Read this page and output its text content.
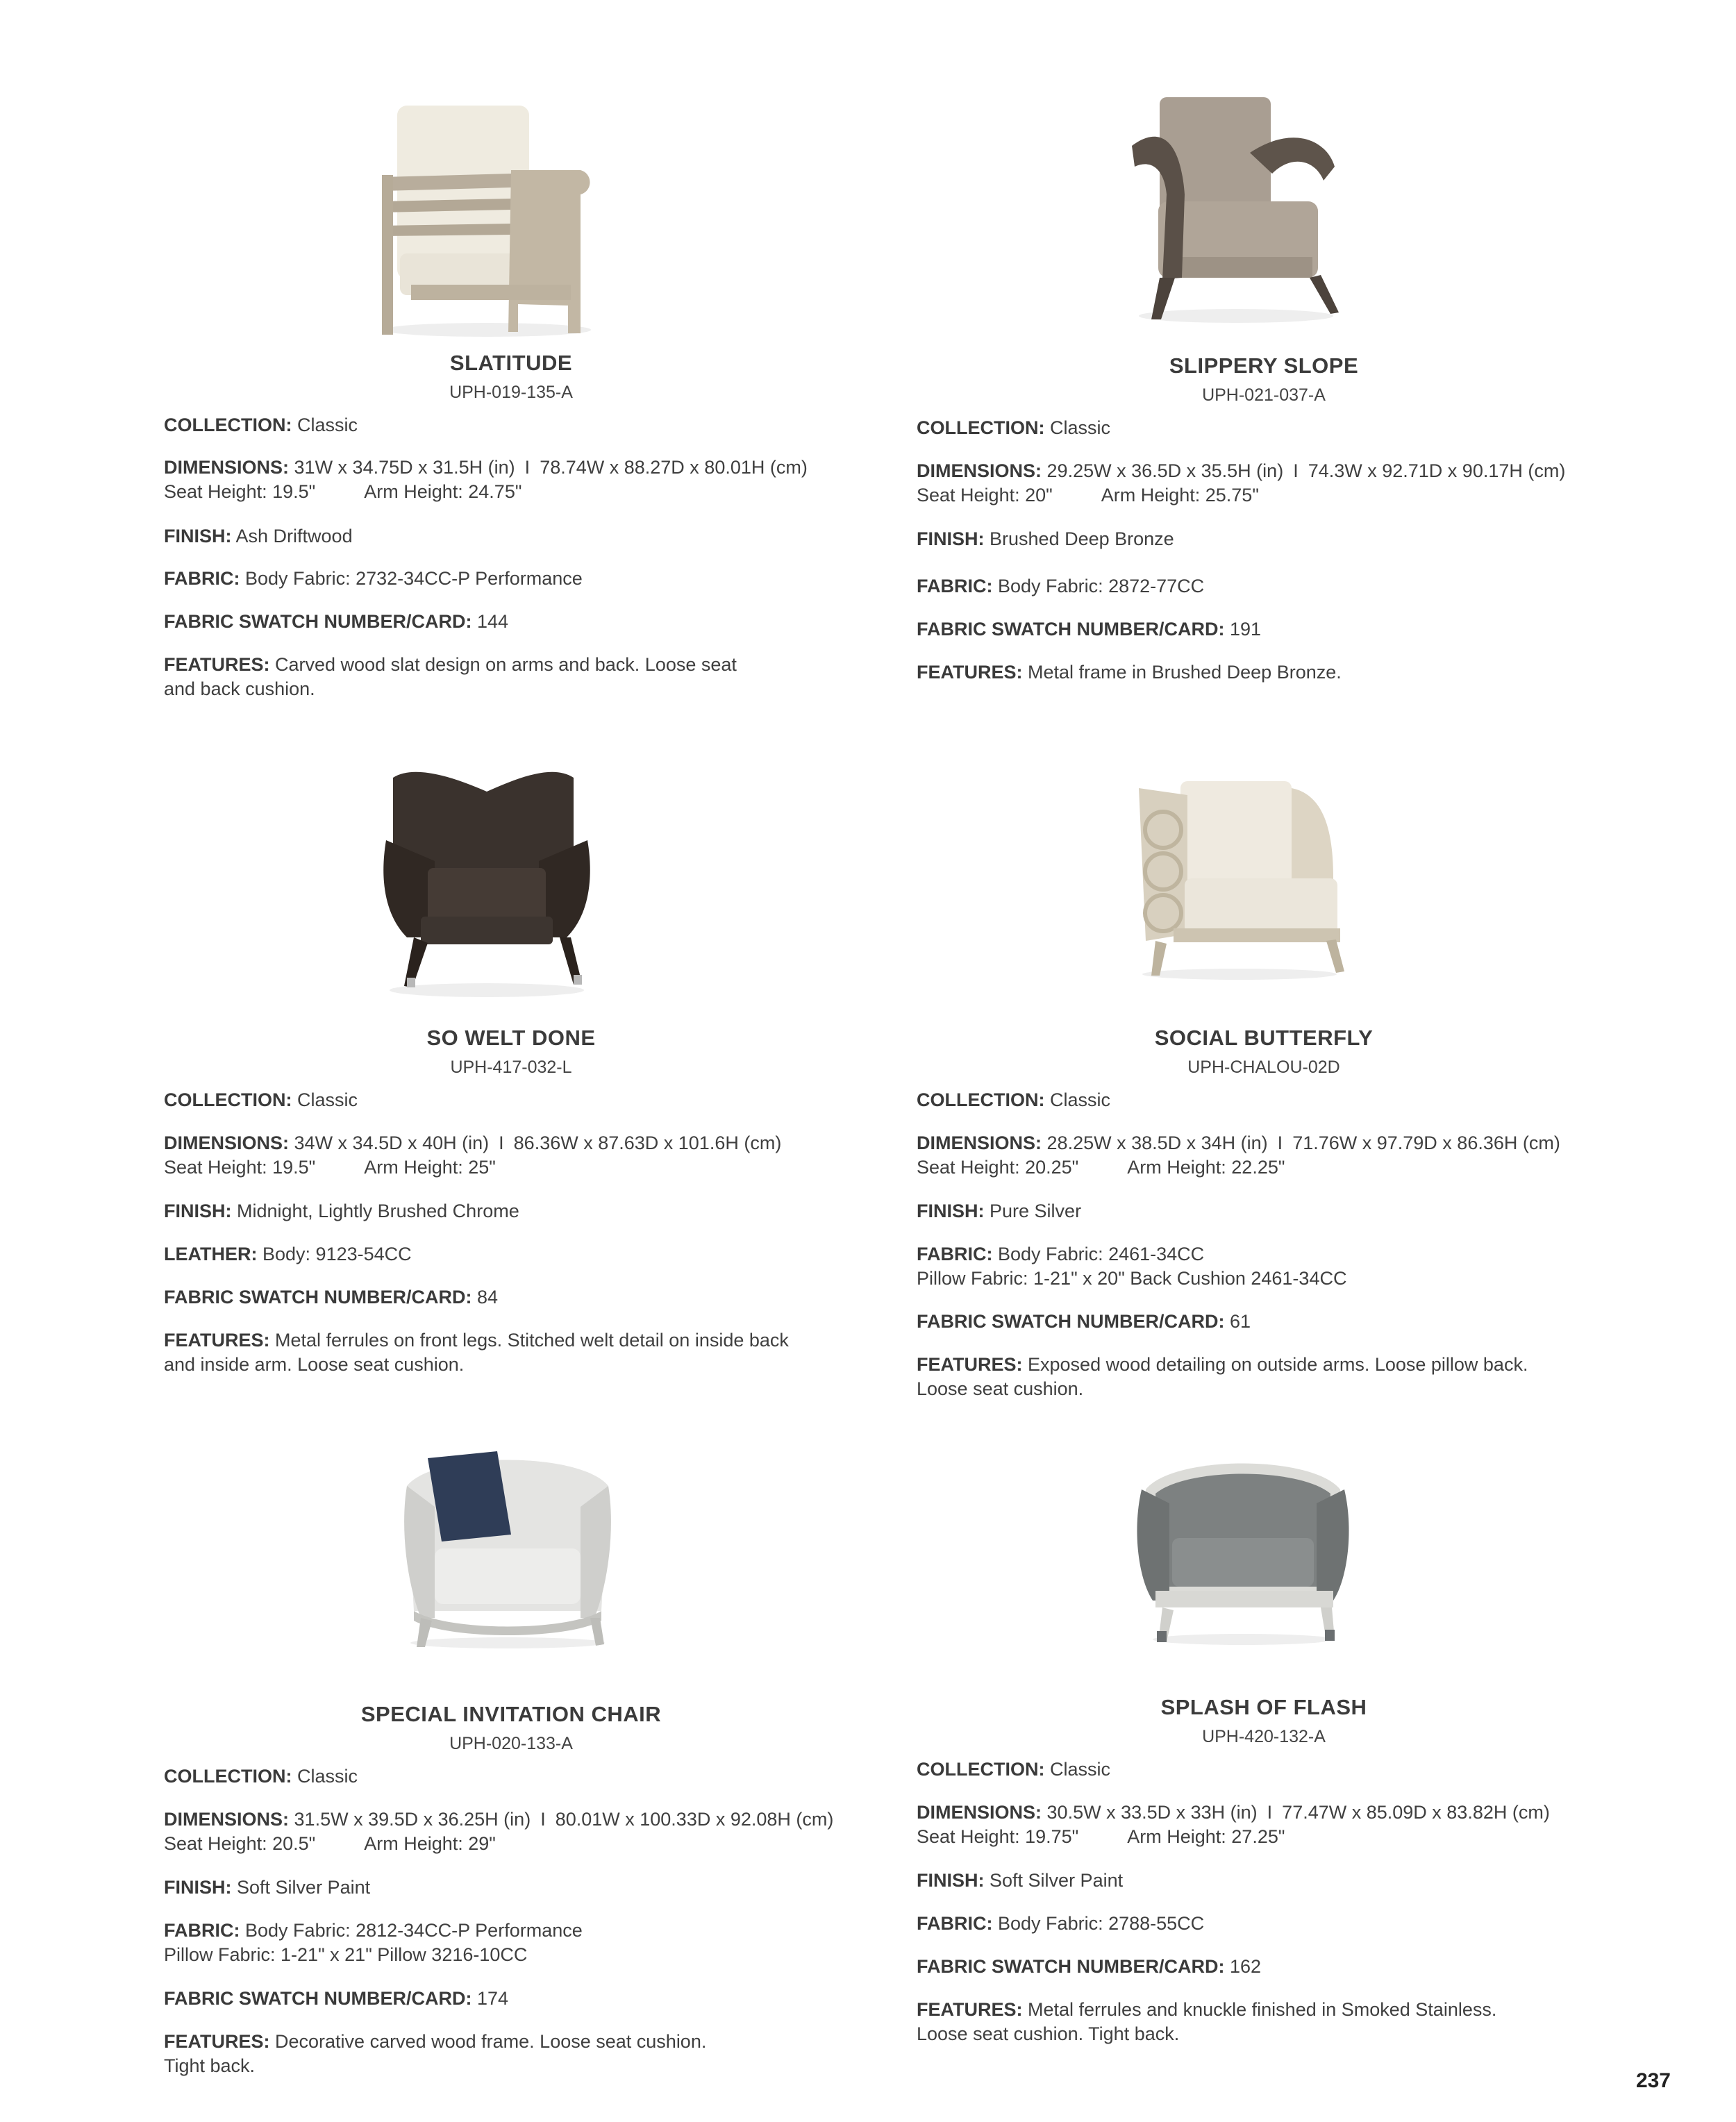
SLATITUDE
UPH-019-135-A
COLLECTION: Classic
DIMENSIONS: 31W x 34.75D x 31.5H (in) I 78.74W x 88.27D x 80.01H (cm)
Seat Height: 19.5"	Arm Height: 24.75"
FINISH: Ash Driftwood
FABRIC: Body Fabric: 2732-34CC-P Performance
FABRIC SWATCH NUMBER/CARD: 144
FEATURES: Carved wood slat design on arms and back. Loose seat
and back cushion.
SLIPPERY SLOPE
UPH-021-037-A
COLLECTION: Classic
DIMENSIONS: 29.25W x 36.5D x 35.5H (in) I 74.3W x 92.71D x 90.17H (cm)
Seat Height: 20"	Arm Height: 25.75"
FINISH: Brushed Deep Bronze
FABRIC: Body Fabric: 2872-77CC
FABRIC SWATCH NUMBER/CARD: 191
FEATURES: Metal frame in Brushed Deep Bronze.
SO WELT DONE
UPH-417-032-L
COLLECTION: Classic
DIMENSIONS: 34W x 34.5D x 40H (in) I 86.36W x 87.63D x 101.6H (cm)
Seat Height: 19.5"	Arm Height: 25"
FINISH: Midnight, Lightly Brushed Chrome
LEATHER: Body: 9123-54CC
FABRIC SWATCH NUMBER/CARD: 84
FEATURES: Metal ferrules on front legs. Stitched welt detail on inside back
and inside arm. Loose seat cushion.
SOCIAL BUTTERFLY
UPH-CHALOU-02D
COLLECTION: Classic
DIMENSIONS: 28.25W x 38.5D x 34H (in) I 71.76W x 97.79D x 86.36H (cm)
Seat Height: 20.25"	Arm Height: 22.25"
FINISH: Pure Silver
FABRIC: Body Fabric: 2461-34CC
Pillow Fabric: 1-21" x 20" Back Cushion 2461-34CC
FABRIC SWATCH NUMBER/CARD: 61
FEATURES: Exposed wood detailing on outside arms. Loose pillow back.
Loose seat cushion.
SPECIAL INVITATION CHAIR
UPH-020-133-A
COLLECTION: Classic
DIMENSIONS: 31.5W x 39.5D x 36.25H (in) I 80.01W x 100.33D x 92.08H (cm)
Seat Height: 20.5"	Arm Height: 29"
FINISH: Soft Silver Paint
FABRIC: Body Fabric: 2812-34CC-P Performance
Pillow Fabric: 1-21" x 21" Pillow 3216-10CC
FABRIC SWATCH NUMBER/CARD: 174
FEATURES: Decorative carved wood frame. Loose seat cushion.
Tight back.
SPLASH OF FLASH
UPH-420-132-A
COLLECTION: Classic
DIMENSIONS: 30.5W x 33.5D x 33H (in) I 77.47W x 85.09D x 83.82H (cm)
Seat Height: 19.75"	Arm Height: 27.25"
FINISH: Soft Silver Paint
FABRIC: Body Fabric: 2788-55CC
FABRIC SWATCH NUMBER/CARD: 162
FEATURES: Metal ferrules and knuckle finished in Smoked Stainless.
Loose seat cushion. Tight back.
237
